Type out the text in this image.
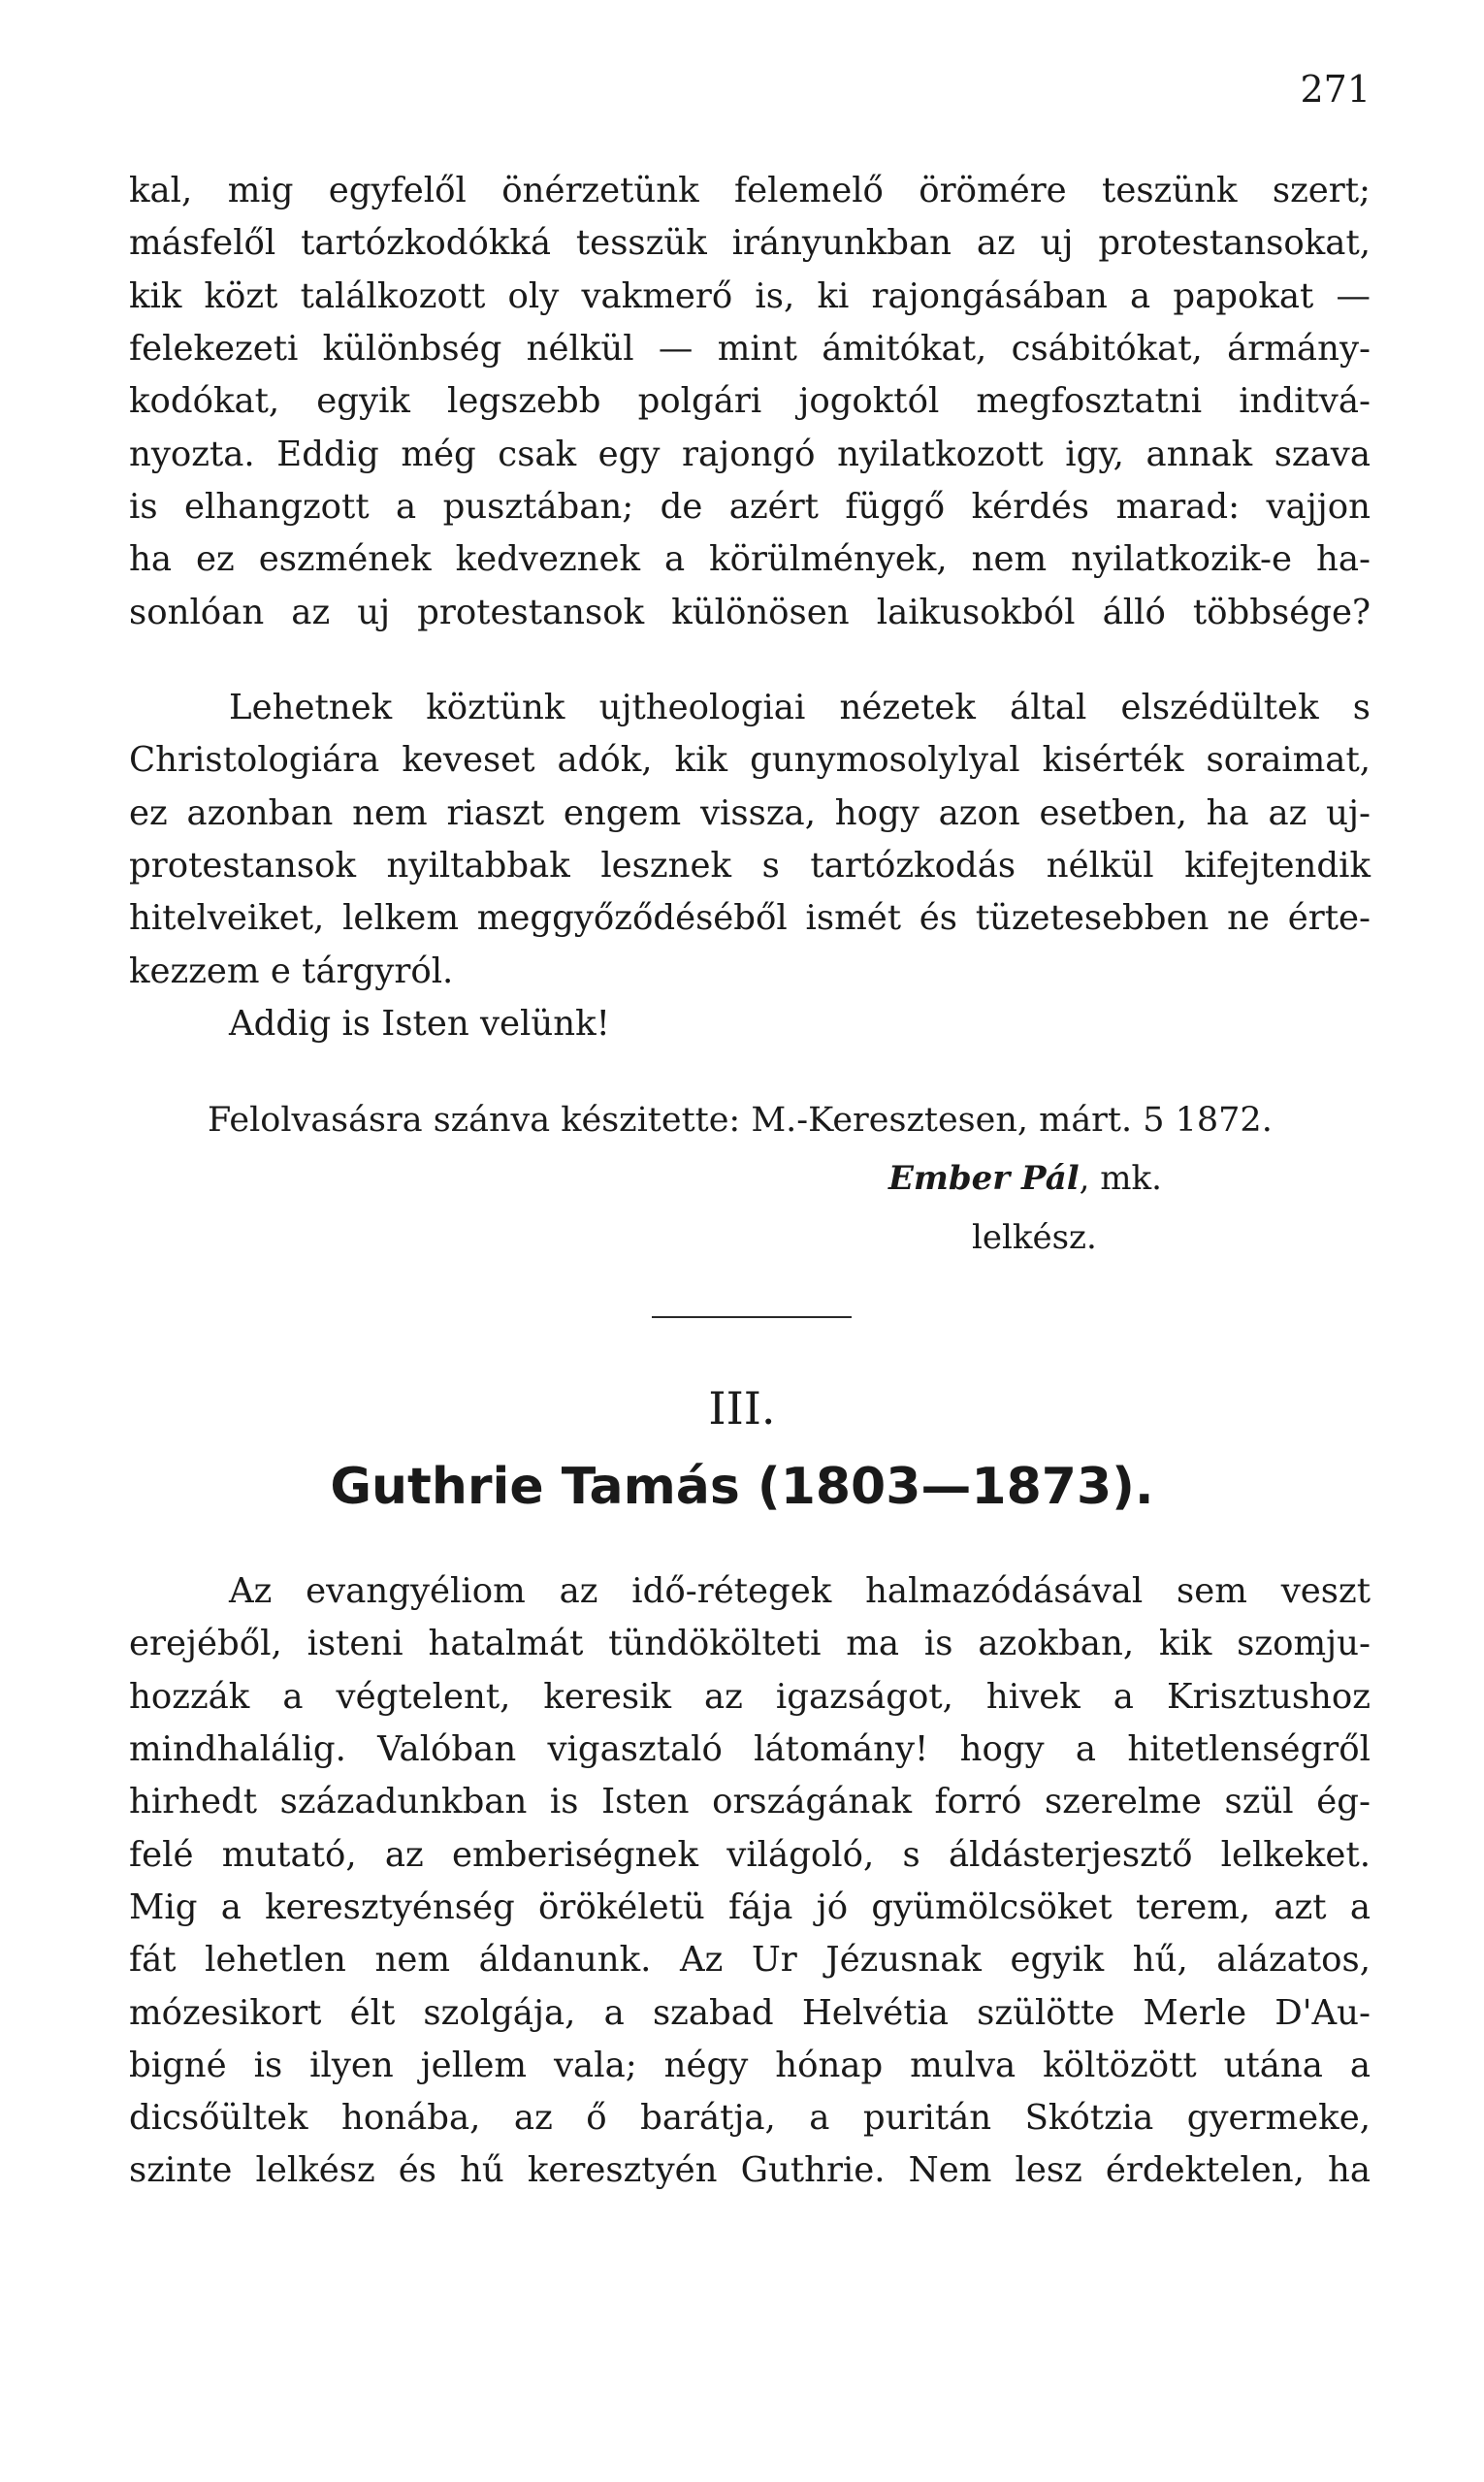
271

kal, mig egyfelől önérzetünk felemelő örömére teszünk szert;

másfelől tartózkodókká tesszük irányunkban az uj protestansokat,

kik közt találkozott oly vakmerő is, ki rajongásában a papokat —

felekezeti különbség nélkül — mint ámitókat, csábitókat, ármány-

kodókat, egyik legszebb polgári jogoktól megfosztatni inditvá-

nyozta. Eddig még csak egy rajongó nyilatkozott igy, annak szava

is elhangzott a pusztában; de azért függő kérdés marad: vajjon

ha ez eszmének kedveznek a körülmények, nem nyilatkozik-e ha-

sonlóan az uj protestansok különösen laikusokból álló többsége?

Lehetnek köztünk ujtheologiai nézetek által elszédültek s

Christologiára keveset adók, kik gunymosolylyal kisérték soraimat,

ez azonban nem riaszt engem vissza, hogy azon esetben, ha az uj-

protestansok nyiltabbak lesznek s tartózkodás nélkül kifejtendik

hitelveiket, lelkem meggyőződéséből ismét és tüzetesebben ne érte-

kezzem e tárgyról.

Addig is Isten velünk!

Felolvasásra szánva készitette: M.-Keresztesen, márt. 5 1872.
Ember Pál, mk.
lelkész.
III.
Guthrie Tamás (1803—1873).

Az evangyéliom az idő-rétegek halmazódásával sem veszt

erejéből, isteni hatalmát tündökölteti ma is azokban, kik szomju-

hozzák a végtelent, keresik az igazságot, hivek a Krisztushoz

mindhalálig. Valóban vigasztaló látomány! hogy a hitetlenségről

hirhedt századunkban is Isten országának forró szerelme szül ég-

felé mutató, az emberiségnek világoló, s áldásterjesztő lelkeket.

Mig a keresztyénség örökéletü fája jó gyümölcsöket terem, azt a

fát lehetlen nem áldanunk. Az Ur Jézusnak egyik hű, alázatos,

mózesikort élt szolgája, a szabad Helvétia szülötte Merle D'Au-

bigné is ilyen jellem vala; négy hónap mulva költözött utána a

dicsőültek honába, az ő barátja, a puritán Skótzia gyermeke,

szinte lelkész és hű keresztyén Guthrie. Nem lesz érdektelen, ha
